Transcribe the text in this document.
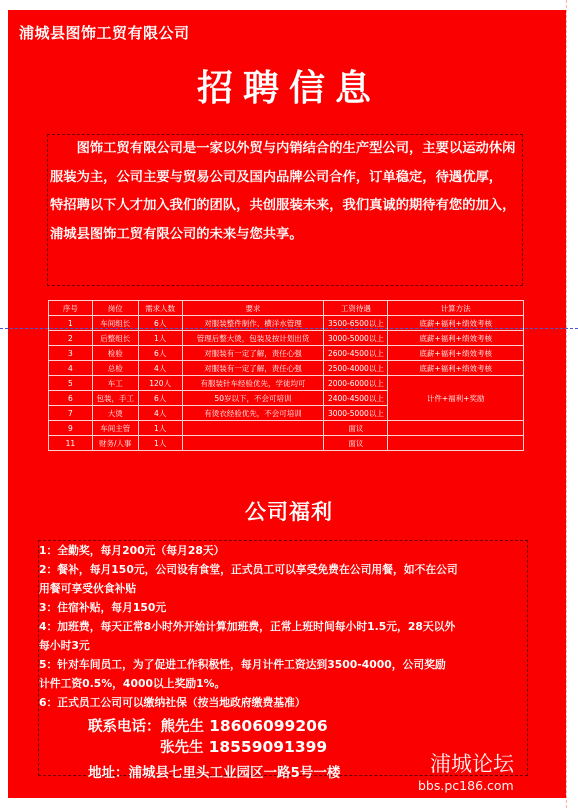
浦城县图饰工贸有限公司
招聘信息
　　图饰工贸有限公司是一家以外贸与内销结合的生产型公司，主要以运动休闲服装为主，公司主要与贸易公司及国内品牌公司合作，订单稳定，待遇优厚，　特招聘以下人才加入我们的团队，共创服装未来，我们真诚的期待有您的加入，浦城县图饰工贸有限公司的未来与您共享。
序号	岗位	需求人数	要求	工资待遇	计算方法
1	车间组长	6人	对服装整件制作、横洋水管理	3500-6500以上	底薪+福利+绩效考核
2	后整组长	1人	管理后整大烫，包装及按计划出货	3000-5000以上	底薪+福利+绩效考核
3	检验	6人	对服装有一定了解，责任心强	2600-4500以上	底薪+福利+绩效考核
4	总检	4人	对服装有一定了解，责任心强	2500-4000以上	底薪+福利+绩效考核
5	车工	120人	有服装针车经验优先，学徒均可	2000-6000以上	计件+福利+奖励
6	包装，手工	6人	50岁以下，不会可培训	2400-4500以上	
7	大烫	4人	有烫衣经验优先，不会可培训	3000-5000以上	
9	车间主管	1人		面议	
11	财务/人事	1人		面议	
公司福利
1：全勤奖，每月200元（每月28天）
2：餐补，每月150元，公司设有食堂，正式员工可以享受免费在公司用餐，如不在公司
用餐可享受伙食补贴
3：住宿补贴，每月150元
4：加班费，每天正常8小时外开始计算加班费，正常上班时间每小时1.5元，28天以外
每小时3元
5：针对车间员工，为了促进工作积极性，每月计件工资达到3500-4000，公司奖励
计件工资0.5%，4000以上奖励1%。
6：正式员工公司可以缴纳社保（按当地政府缴费基准）
联系电话：熊先生 18606099206
张先生 18559091399
地址：浦城县七里头工业园区一路5号一楼	浦城论坛
bbs.pc186.com
